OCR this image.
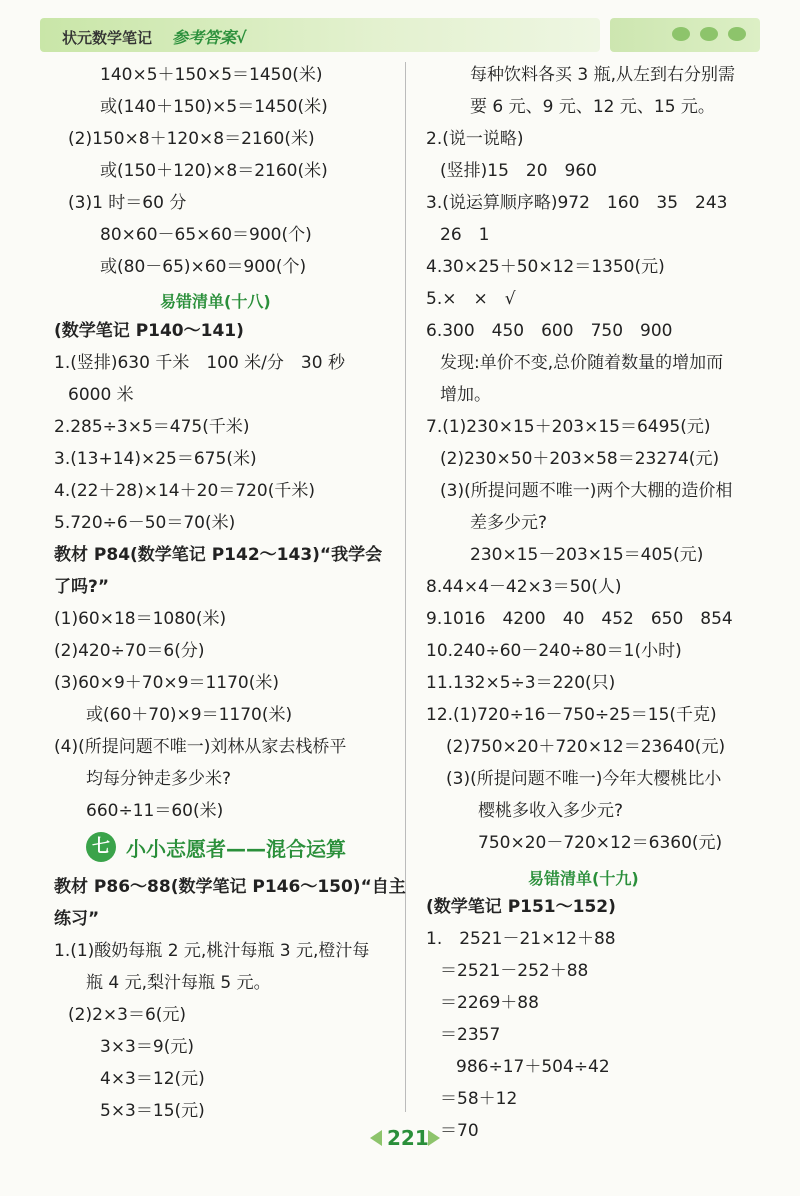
状元数学笔记 参考答案√
140×5＋150×5＝1450(米)
或(140＋150)×5＝1450(米)
(2)150×8＋120×8＝2160(米)
或(150＋120)×8＝2160(米)
(3)1 时＝60 分
80×60－65×60＝900(个)
或(80－65)×60＝900(个)
易错清单(十八)
(数学笔记 P140～141)
1.(竖排)630 千米　100 米/分　30 秒
6000 米
2.285÷3×5＝475(千米)
3.(13+14)×25＝675(米)
4.(22＋28)×14＋20＝720(千米)
5.720÷6－50＝70(米)
教材 P84(数学笔记 P142～143)“我学会
了吗?”
(1)60×18＝1080(米)
(2)420÷70＝6(分)
(3)60×9＋70×9＝1170(米)
或(60＋70)×9＝1170(米)
(4)(所提问题不唯一)刘林从家去栈桥平
均每分钟走多少米?
660÷11＝60(米)
七 小小志愿者——混合运算
教材 P86～88(数学笔记 P146～150)“自主
练习”
1.(1)酸奶每瓶 2 元,桃汁每瓶 3 元,橙汁每
瓶 4 元,梨汁每瓶 5 元。
(2)2×3＝6(元)
3×3＝9(元)
4×3＝12(元)
5×3＝15(元)
每种饮料各买 3 瓶,从左到右分别需
要 6 元、9 元、12 元、15 元。
2.(说一说略)
(竖排)15　20　960
3.(说运算顺序略)972　160　35　243
26　1
4.30×25＋50×12＝1350(元)
5.×　×　√
6.300　450　600　750　900
发现:单价不变,总价随着数量的增加而
增加。
7.(1)230×15＋203×15＝6495(元)
(2)230×50＋203×58＝23274(元)
(3)(所提问题不唯一)两个大棚的造价相
差多少元?
230×15－203×15＝405(元)
8.44×4－42×3＝50(人)
9.1016　4200　40　452　650　854
10.240÷60－240÷80＝1(小时)
11.132×5÷3＝220(只)
12.(1)720÷16－750÷25＝15(千克)
(2)750×20＋720×12＝23640(元)
(3)(所提问题不唯一)今年大樱桃比小
樱桃多收入多少元?
750×20－720×12＝6360(元)
易错清单(十九)
(数学笔记 P151～152)
1.　2521－21×12＋88
＝2521－252＋88
＝2269＋88
＝2357
986÷17＋504÷42
＝58＋12
＝70
221
